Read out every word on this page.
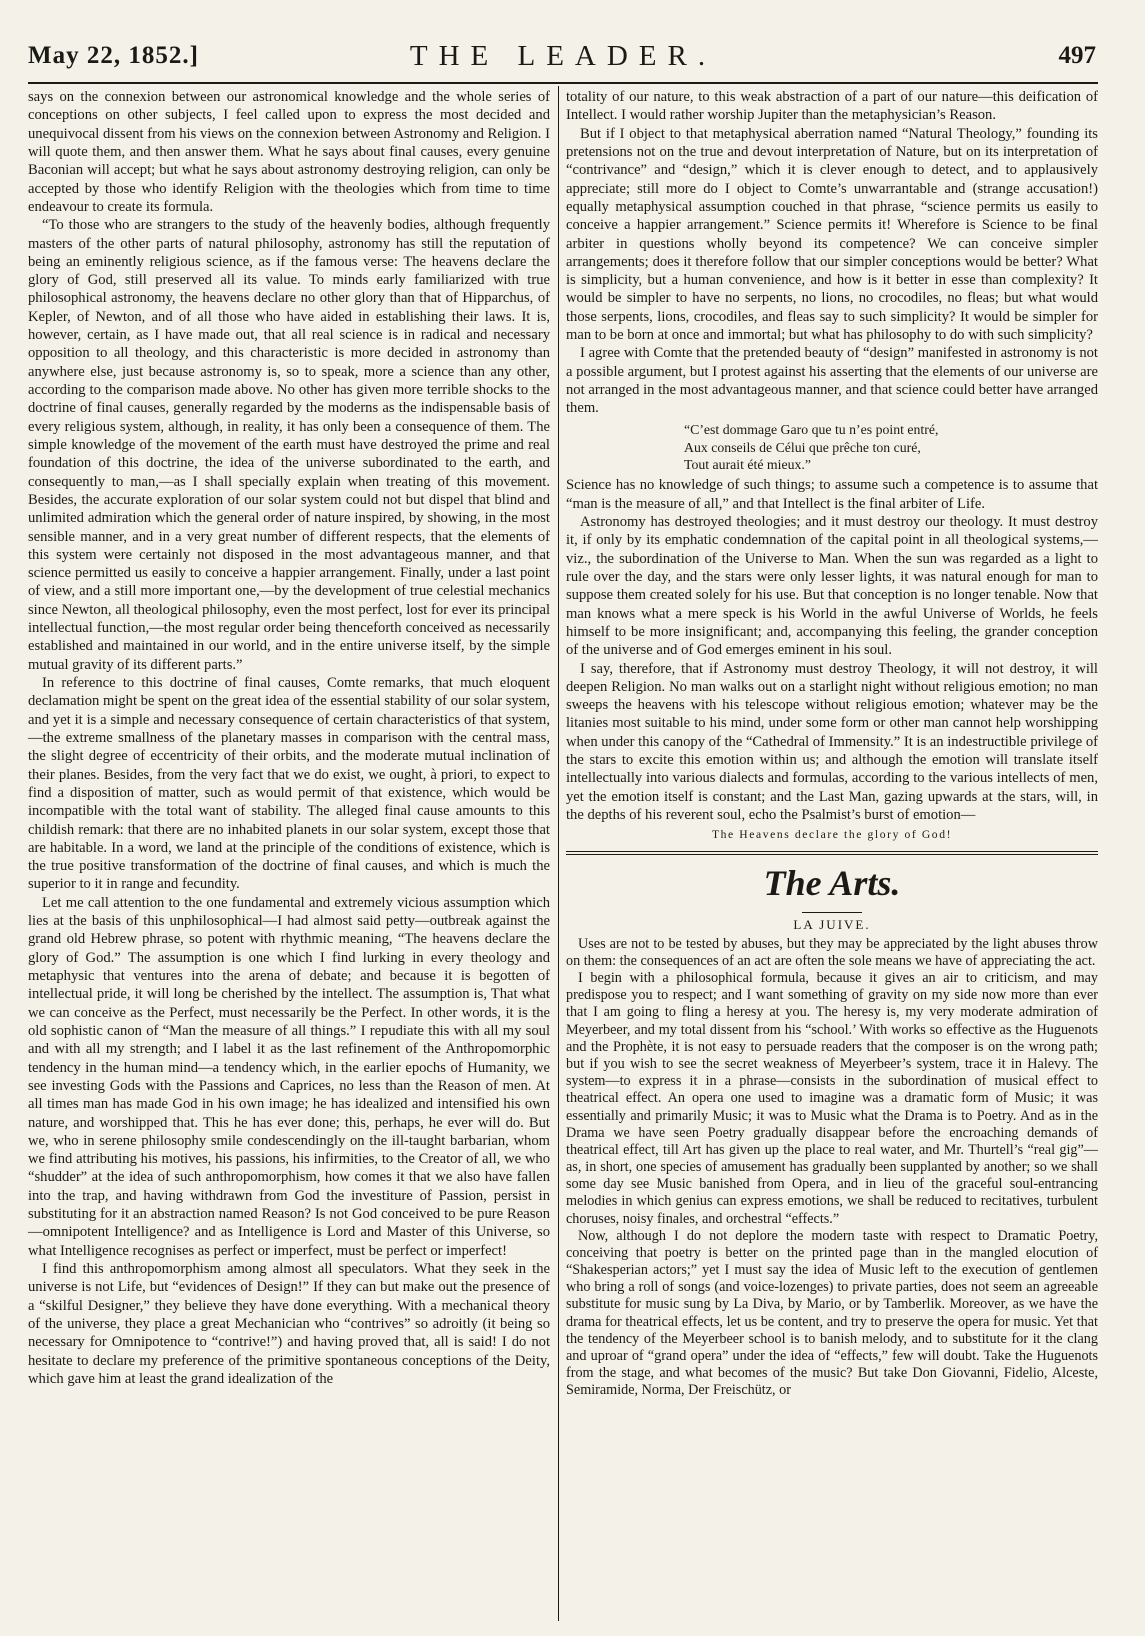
May 22, 1852.]	THE LEADER.	497

says on the connexion between our astronomical knowledge and the whole series of conceptions on other subjects, I feel called upon to express the most decided and unequivocal dissent from his views on the connexion between Astronomy and Religion. I will quote them, and then answer them. What he says about final causes, every genuine Baconian will accept; but what he says about astronomy destroying religion, can only be accepted by those who identify Religion with the theologies which from time to time endeavour to create its formula.

“To those who are strangers to the study of the heavenly bodies, although frequently masters of the other parts of natural philosophy, astronomy has still the reputation of being an eminently religious science, as if the famous verse: The heavens declare the glory of God, still preserved all its value. To minds early familiarized with true philosophical astronomy, the heavens declare no other glory than that of Hipparchus, of Kepler, of Newton, and of all those who have aided in establishing their laws. It is, however, certain, as I have made out, that all real science is in radical and necessary opposition to all theology, and this characteristic is more decided in astronomy than anywhere else, just because astronomy is, so to speak, more a science than any other, according to the comparison made above. No other has given more terrible shocks to the doctrine of final causes, generally regarded by the moderns as the indispensable basis of every religious system, although, in reality, it has only been a consequence of them. The simple knowledge of the movement of the earth must have destroyed the prime and real foundation of this doctrine, the idea of the universe subordinated to the earth, and consequently to man,—as I shall specially explain when treating of this movement. Besides, the accurate exploration of our solar system could not but dispel that blind and unlimited admiration which the general order of nature inspired, by showing, in the most sensible manner, and in a very great number of different respects, that the elements of this system were certainly not disposed in the most advantageous manner, and that science permitted us easily to conceive a happier arrangement. Finally, under a last point of view, and a still more important one,—by the development of true celestial mechanics since Newton, all theological philosophy, even the most perfect, lost for ever its principal intellectual function,—the most regular order being thenceforth conceived as necessarily established and maintained in our world, and in the entire universe itself, by the simple mutual gravity of its different parts.”

In reference to this doctrine of final causes, Comte remarks, that much eloquent declamation might be spent on the great idea of the essential stability of our solar system, and yet it is a simple and necessary consequence of certain characteristics of that system,—the extreme smallness of the planetary masses in comparison with the central mass, the slight degree of eccentricity of their orbits, and the moderate mutual inclination of their planes. Besides, from the very fact that we do exist, we ought, à priori, to expect to find a disposition of matter, such as would permit of that existence, which would be incompatible with the total want of stability. The alleged final cause amounts to this childish remark: that there are no inhabited planets in our solar system, except those that are habitable. In a word, we land at the principle of the conditions of existence, which is the true positive transformation of the doctrine of final causes, and which is much the superior to it in range and fecundity.

Let me call attention to the one fundamental and extremely vicious assumption which lies at the basis of this unphilosophical—I had almost said petty—outbreak against the grand old Hebrew phrase, so potent with rhythmic meaning, “The heavens declare the glory of God.” The assumption is one which I find lurking in every theology and metaphysic that ventures into the arena of debate; and because it is begotten of intellectual pride, it will long be cherished by the intellect. The assumption is, That what we can conceive as the Perfect, must necessarily be the Perfect. In other words, it is the old sophistic canon of “Man the measure of all things.” I repudiate this with all my soul and with all my strength; and I label it as the last refinement of the Anthropomorphic tendency in the human mind—a tendency which, in the earlier epochs of Humanity, we see investing Gods with the Passions and Caprices, no less than the Reason of men. At all times man has made God in his own image; he has idealized and intensified his own nature, and worshipped that. This he has ever done; this, perhaps, he ever will do. But we, who in serene philosophy smile condescendingly on the ill-taught barbarian, whom we find attributing his motives, his passions, his infirmities, to the Creator of all, we who “shudder” at the idea of such anthropomorphism, how comes it that we also have fallen into the trap, and having withdrawn from God the investiture of Passion, persist in substituting for it an abstraction named Reason? Is not God conceived to be pure Reason—omnipotent Intelligence? and as Intelligence is Lord and Master of this Universe, so what Intelligence recognises as perfect or imperfect, must be perfect or imperfect!

I find this anthropomorphism among almost all speculators. What they seek in the universe is not Life, but “evidences of Design!” If they can but make out the presence of a “skilful Designer,” they believe they have done everything. With a mechanical theory of the universe, they place a great Mechanician who “contrives” so adroitly (it being so necessary for Omnipotence to “contrive!”) and having proved that, all is said! I do not hesitate to declare my preference of the primitive spontaneous conceptions of the Deity, which gave him at least the grand idealization of the

totality of our nature, to this weak abstraction of a part of our nature—this deification of Intellect. I would rather worship Jupiter than the metaphysician’s Reason.

But if I object to that metaphysical aberration named “Natural Theology,” founding its pretensions not on the true and devout interpretation of Nature, but on its interpretation of “contrivance” and “design,” which it is clever enough to detect, and to applausively appreciate; still more do I object to Comte’s unwarrantable and (strange accusation!) equally metaphysical assumption couched in that phrase, “science permits us easily to conceive a happier arrangement.” Science permits it! Wherefore is Science to be final arbiter in questions wholly beyond its competence? We can conceive simpler arrangements; does it therefore follow that our simpler conceptions would be better? What is simplicity, but a human convenience, and how is it better in esse than complexity? It would be simpler to have no serpents, no lions, no crocodiles, no fleas; but what would those serpents, lions, crocodiles, and fleas say to such simplicity? It would be simpler for man to be born at once and immortal; but what has philosophy to do with such simplicity?

I agree with Comte that the pretended beauty of “design” manifested in astronomy is not a possible argument, but I protest against his asserting that the elements of our universe are not arranged in the most advantageous manner, and that science could better have arranged them.

“C’est dommage Garo que tu n’es point entré,
Aux conseils de Célui que prêche ton curé,
Tout aurait été mieux.”

Science has no knowledge of such things; to assume such a competence is to assume that “man is the measure of all,” and that Intellect is the final arbiter of Life.

Astronomy has destroyed theologies; and it must destroy our theology. It must destroy it, if only by its emphatic condemnation of the capital point in all theological systems,—viz., the subordination of the Universe to Man. When the sun was regarded as a light to rule over the day, and the stars were only lesser lights, it was natural enough for man to suppose them created solely for his use. But that conception is no longer tenable. Now that man knows what a mere speck is his World in the awful Universe of Worlds, he feels himself to be more insignificant; and, accompanying this feeling, the grander conception of the universe and of God emerges eminent in his soul.

I say, therefore, that if Astronomy must destroy Theology, it will not destroy, it will deepen Religion. No man walks out on a starlight night without religious emotion; no man sweeps the heavens with his telescope without religious emotion; whatever may be the litanies most suitable to his mind, under some form or other man cannot help worshipping when under this canopy of the “Cathedral of Immensity.” It is an indestructible privilege of the stars to excite this emotion within us; and although the emotion will translate itself intellectually into various dialects and formulas, according to the various intellects of men, yet the emotion itself is constant; and the Last Man, gazing upwards at the stars, will, in the depths of his reverent soul, echo the Psalmist’s burst of emotion—

The Heavens declare the glory of God!
The Arts.
LA JUIVE.

Uses are not to be tested by abuses, but they may be appreciated by the light abuses throw on them: the consequences of an act are often the sole means we have of appreciating the act.

I begin with a philosophical formula, because it gives an air to criticism, and may predispose you to respect; and I want something of gravity on my side now more than ever that I am going to fling a heresy at you. The heresy is, my very moderate admiration of Meyerbeer, and my total dissent from his “school.’ With works so effective as the Huguenots and the Prophète, it is not easy to persuade readers that the composer is on the wrong path; but if you wish to see the secret weakness of Meyerbeer’s system, trace it in Halevy. The system—to express it in a phrase—consists in the subordination of musical effect to theatrical effect. An opera one used to imagine was a dramatic form of Music; it was essentially and primarily Music; it was to Music what the Drama is to Poetry. And as in the Drama we have seen Poetry gradually disappear before the encroaching demands of theatrical effect, till Art has given up the place to real water, and Mr. Thurtell’s “real gig”—as, in short, one species of amusement has gradually been supplanted by another; so we shall some day see Music banished from Opera, and in lieu of the graceful soul-entrancing melodies in which genius can express emotions, we shall be reduced to recitatives, turbulent choruses, noisy finales, and orchestral “effects.”

Now, although I do not deplore the modern taste with respect to Dramatic Poetry, conceiving that poetry is better on the printed page than in the mangled elocution of “Shakesperian actors;” yet I must say the idea of Music left to the execution of gentlemen who bring a roll of songs (and voice-lozenges) to private parties, does not seem an agreeable substitute for music sung by La Diva, by Mario, or by Tamberlik. Moreover, as we have the drama for theatrical effects, let us be content, and try to preserve the opera for music. Yet that the tendency of the Meyerbeer school is to banish melody, and to substitute for it the clang and uproar of “grand opera” under the idea of “effects,” few will doubt. Take the Huguenots from the stage, and what becomes of the music? But take Don Giovanni, Fidelio, Alceste, Semiramide, Norma, Der Freischütz, or
